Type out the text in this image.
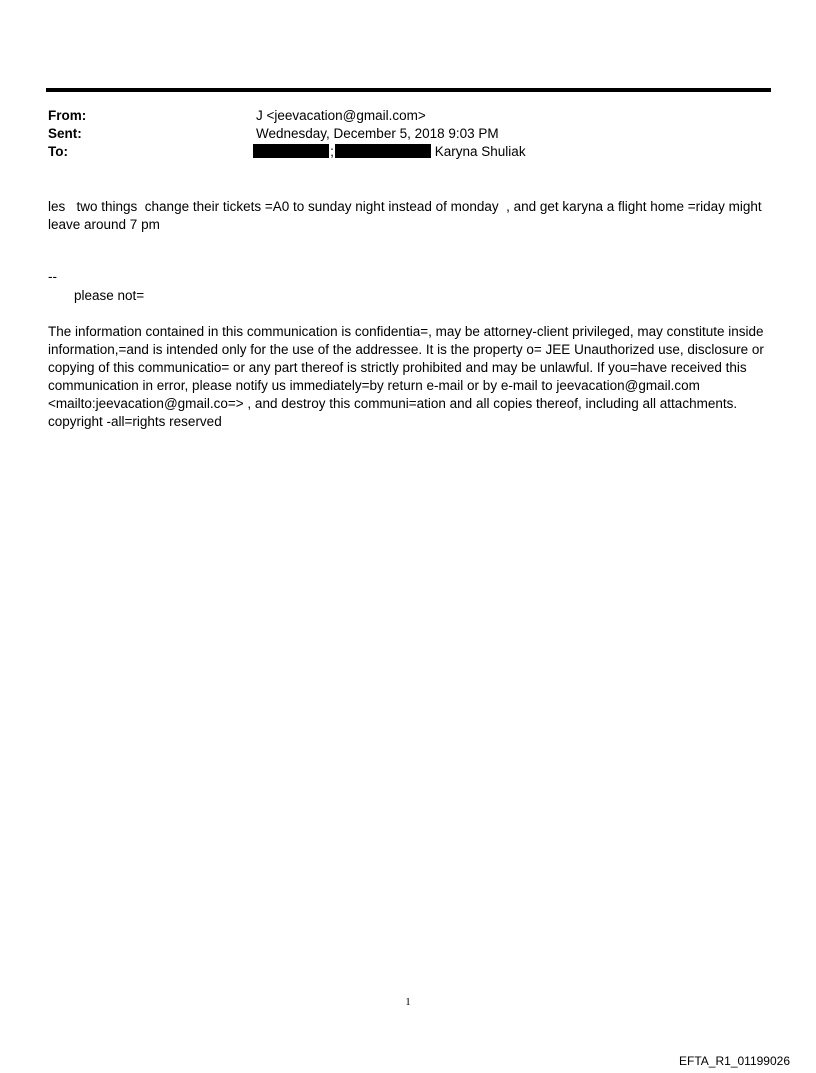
From:	J <jeevacation@gmail.com>
Sent:	Wednesday, December 5, 2018 9:03 PM
To:	;	Karyna Shuliak
les   two things  change their tickets =A0 to sunday night instead of monday  , and get karyna a flight home =riday might leave around 7 pm
--
please not=
The information contained in this communication is confidentia=, may be attorney-client privileged, may constitute inside information,=and is intended only for the use of the addressee. It is the property o= JEE Unauthorized use, disclosure or copying of this communicatio= or any part thereof is strictly prohibited and may be unlawful. If you=have received this communication in error, please notify us immediately=by return e-mail or by e-mail to jeevacation@gmail.com <mailto:jeevacation@gmail.co=> , and destroy this communi=ation and all copies thereof, including all attachments. copyright -all=rights reserved
1
EFTA_R1_01199026
